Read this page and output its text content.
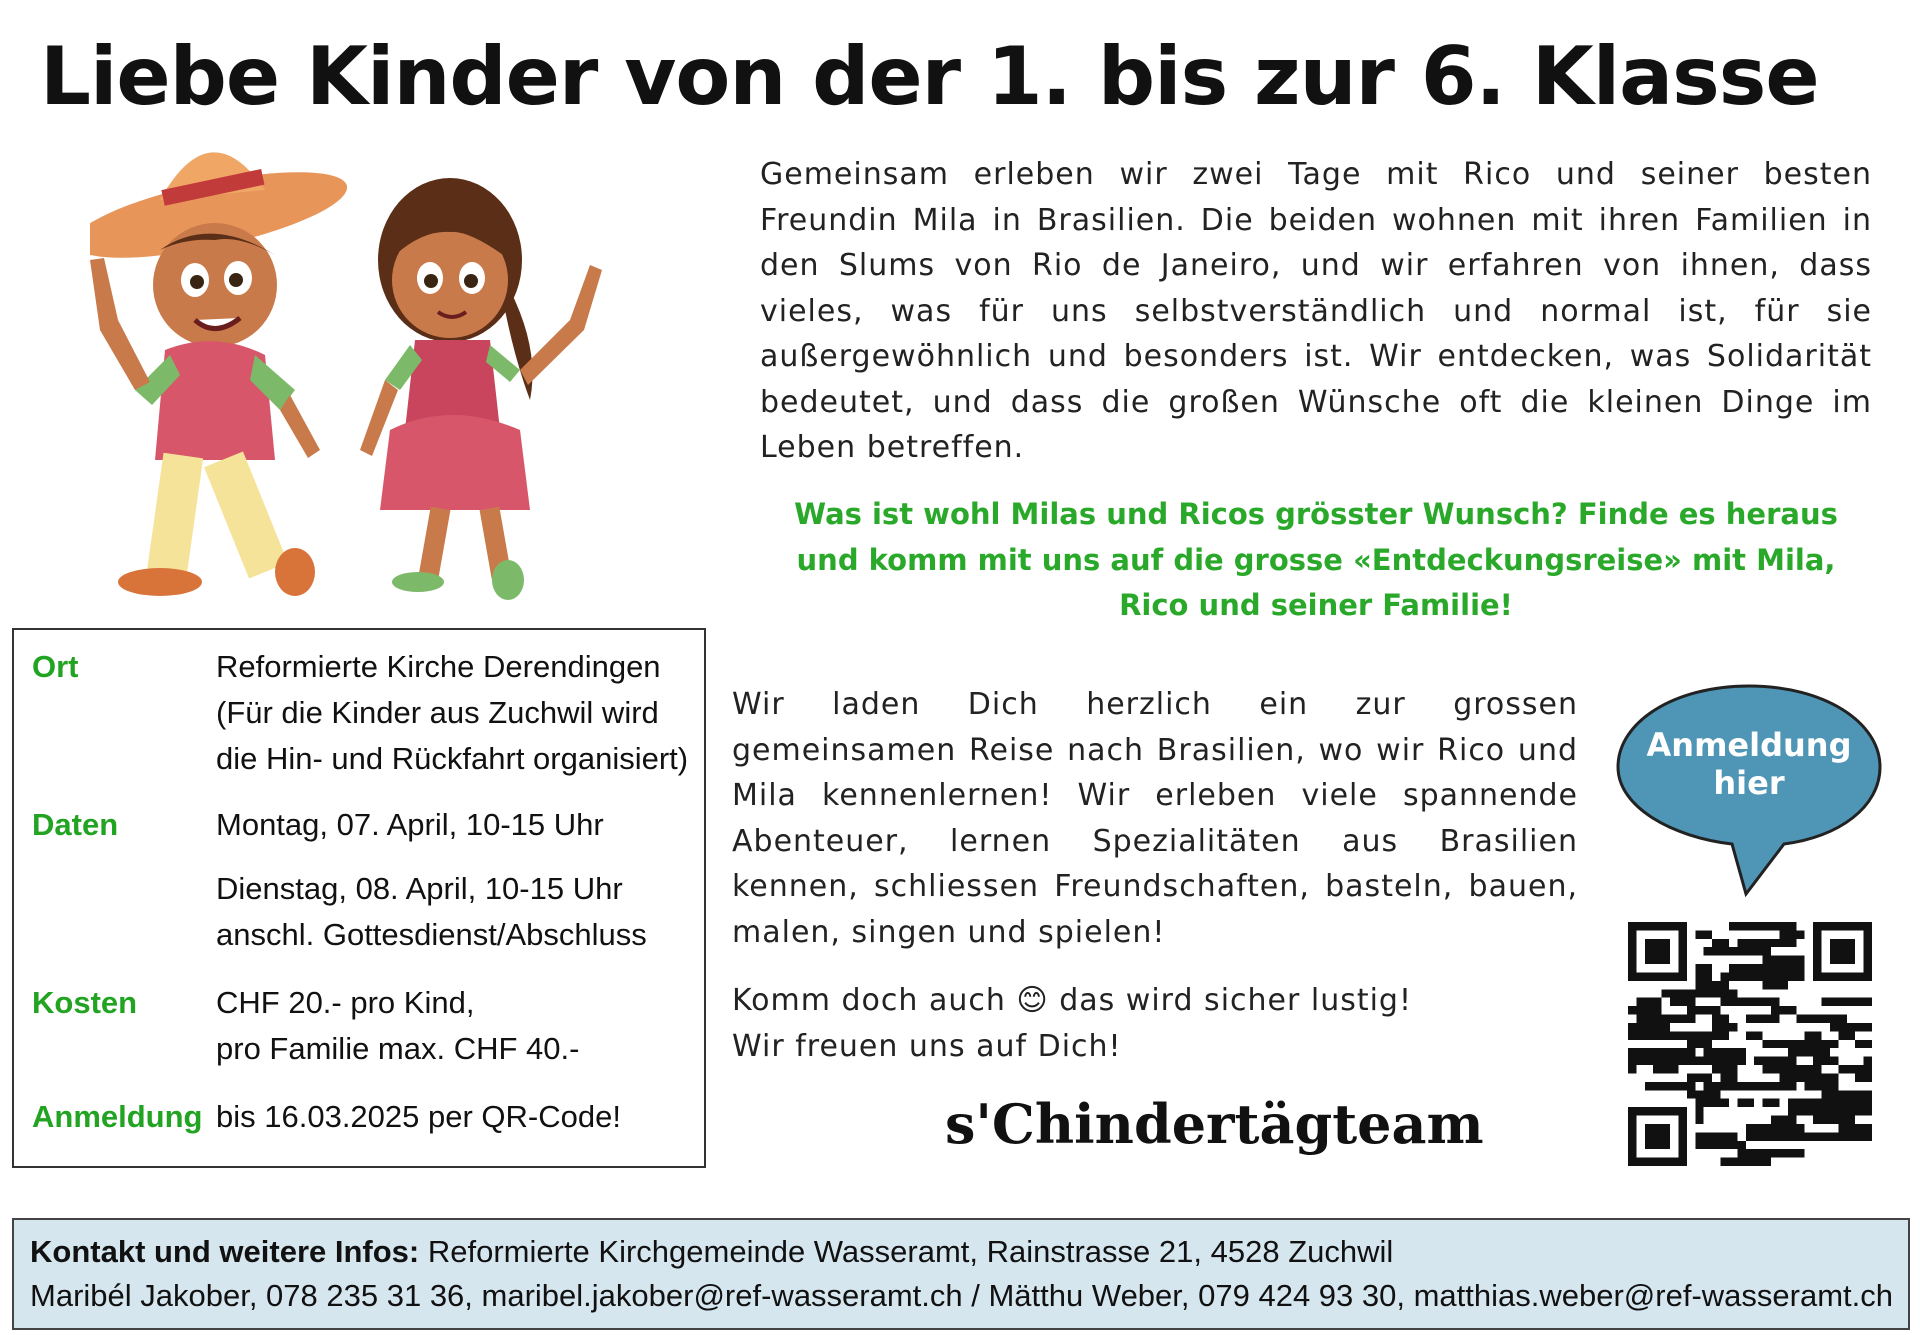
Liebe Kinder von der 1. bis zur 6. Klasse
Gemeinsam erleben wir zwei Tage mit Rico und seiner besten Freundin Mila in Brasilien. Die beiden wohnen mit ihren Familien in den Slums von Rio de Janeiro, und wir erfahren von ihnen, dass vieles, was für uns selbstverständlich und normal ist, für sie außergewöhnlich und besonders ist. Wir entdecken, was Solidarität bedeutet, und dass die großen Wünsche oft die kleinen Dinge im Leben betreffen.
Was ist wohl Milas und Ricos grösster Wunsch? Finde es heraus und komm mit uns auf die grosse «Entdeckungsreise» mit Mila, Rico und seiner Familie!
Ort	Reformierte Kirche Derendingen
(Für die Kinder aus Zuchwil wird
die Hin- und Rückfahrt organisiert)
Daten	Montag, 07. April, 10-15 Uhr
Dienstag, 08. April, 10-15 Uhr
anschl. Gottesdienst/Abschluss
Kosten	CHF 20.- pro Kind,
pro Familie max. CHF 40.-
Anmeldung bis 16.03.2025 per QR-Code!
Wir laden Dich herzlich ein zur grossen gemeinsamen Reise nach Brasilien, wo wir Rico und Mila kennenlernen! Wir erleben viele spannende Abenteuer, lernen Spezialitäten aus Brasilien kennen, schliessen Freundschaften, basteln, bauen, malen, singen und spielen!
Komm doch auch 😊 das wird sicher lustig!
Wir freuen uns auf Dich!
s'Chindertägteam
Anmeldung
hier
Kontakt und weitere Infos: Reformierte Kirchgemeinde Wasseramt, Rainstrasse 21, 4528 Zuchwil
Maribél Jakober, 078 235 31 36, maribel.jakober@ref-wasseramt.ch / Mätthu Weber, 079 424 93 30, matthias.weber@ref-wasseramt.ch
